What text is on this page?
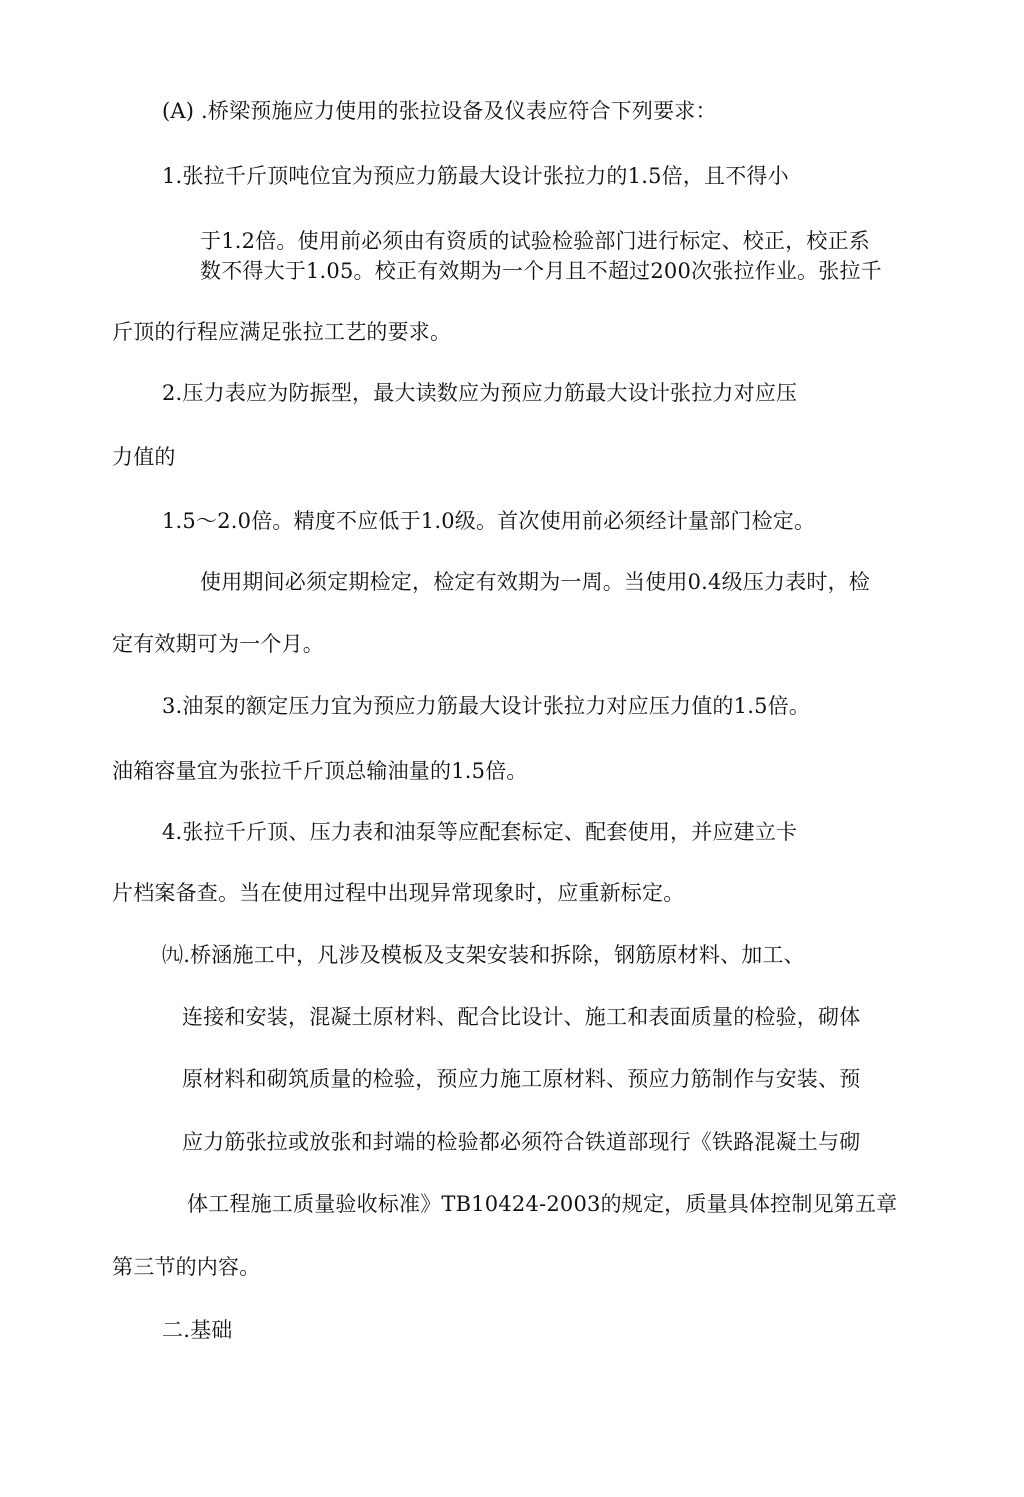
(A) .桥梁预施应力使用的张拉设备及仪表应符合下列要求：
1.张拉千斤顶吨位宜为预应力筋最大设计张拉力的1.5倍，且不得小
于1.2倍。使用前必须由有资质的试验检验部门进行标定、校正，校正系
数不得大于1.05。校正有效期为一个月且不超过200次张拉作业。张拉千
斤顶的行程应满足张拉工艺的要求。
2.压力表应为防振型，最大读数应为预应力筋最大设计张拉力对应压
力值的
1.5〜2.0倍。精度不应低于1.0级。首次使用前必须经计量部门检定。
使用期间必须定期检定，检定有效期为一周。当使用0.4级压力表时，检
定有效期可为一个月。
3.油泵的额定压力宜为预应力筋最大设计张拉力对应压力值的1.5倍。
油箱容量宜为张拉千斤顶总输油量的1.5倍。
4.张拉千斤顶、压力表和油泵等应配套标定、配套使用，并应建立卡
片档案备查。当在使用过程中出现异常现象时，应重新标定。
㈨.桥涵施工中，凡涉及模板及支架安装和拆除，钢筋原材料、加工、
连接和安装，混凝土原材料、配合比设计、施工和表面质量的检验，砌体
原材料和砌筑质量的检验，预应力施工原材料、预应力筋制作与安装、预
应力筋张拉或放张和封端的检验都必须符合铁道部现行《铁路混凝土与砌
体工程施工质量验收标准》TB10424-2003的规定，质量具体控制见第五章
第三节的内容。
二.基础
